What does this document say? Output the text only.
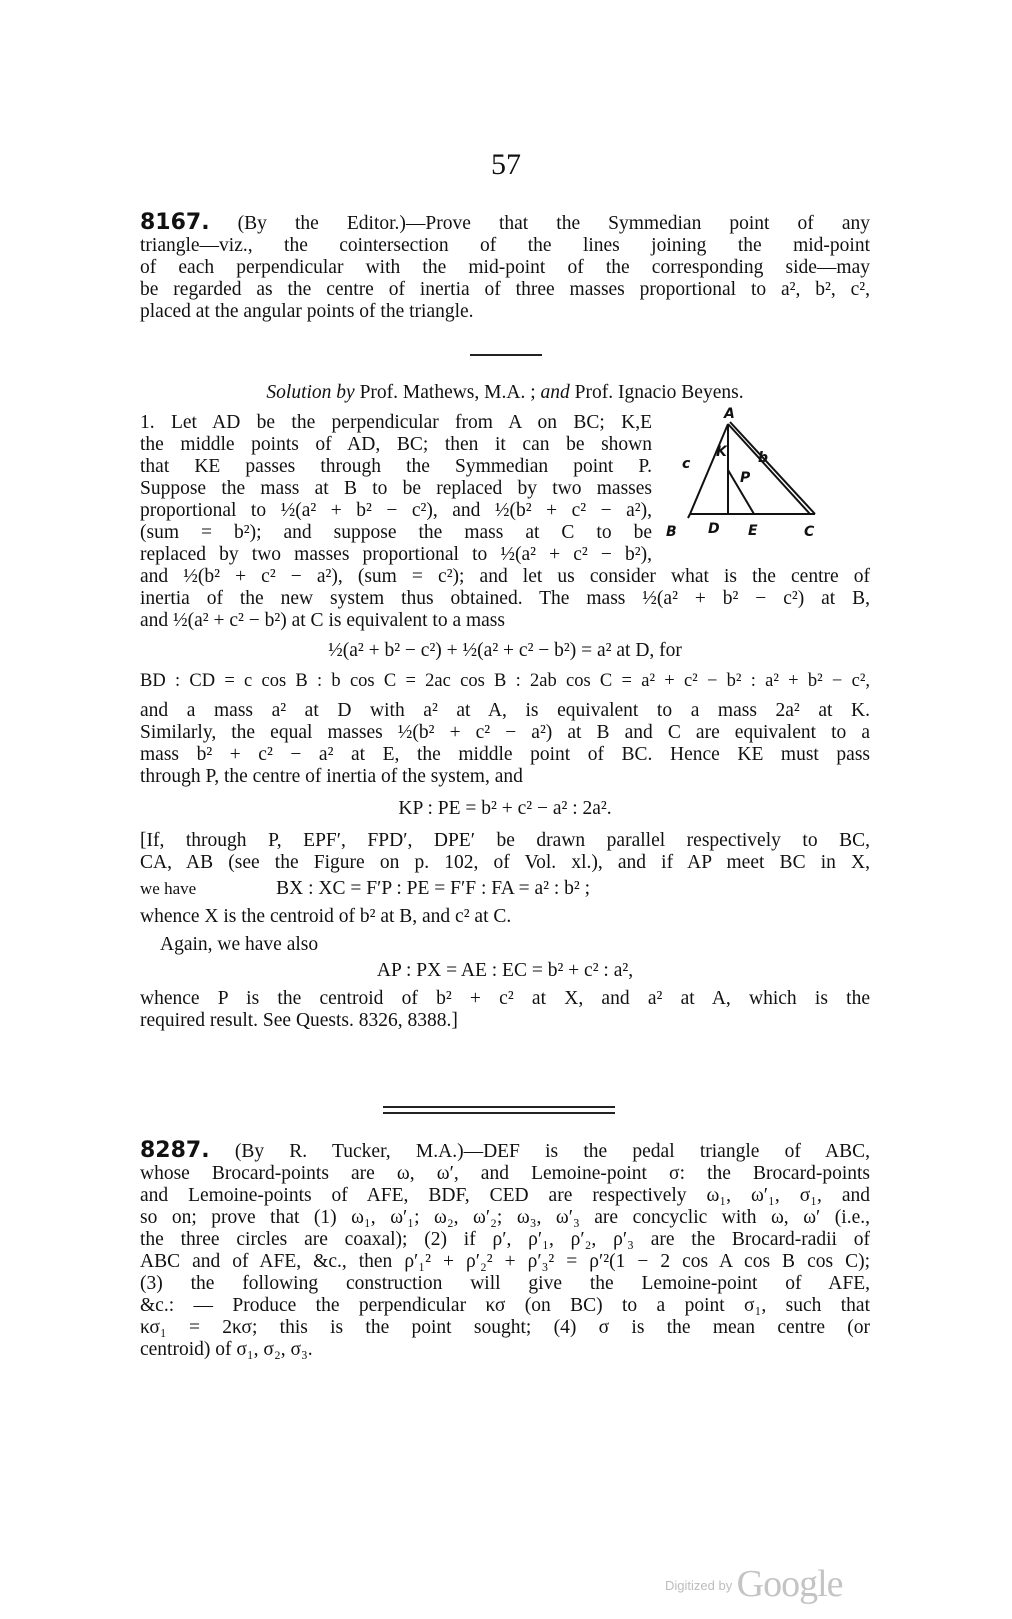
57
8167. (By the Editor.)—Prove that the Symmedian point of any
triangle—viz., the cointersection of the lines joining the mid-point
of each perpendicular with the mid-point of the corresponding side—may
be regarded as the centre of inertia of three masses proportional to a², b², c²,
placed at the angular points of the triangle.
Solution by Prof. Mathews, M.A. ; and Prof. Ignacio Beyens.
1. Let AD be the perpendicular from A on BC; K,E
the middle points of AD, BC; then it can be shown
that KE passes through the Symmedian point P.
Suppose the mass at B to be replaced by two masses
proportional to ½(a² + b² − c²), and ½(b² + c² − a²),
(sum = b²); and suppose the mass at C to be
replaced by two masses proportional to ½(a² + c² − b²),
and ½(b² + c² − a²), (sum = c²); and let us consider what is the centre of
inertia of the new system thus obtained. The mass ½(a² + b² − c²) at B,
and ½(a² + c² − b²) at C is equivalent to a mass
½(a² + b² − c²) + ½(a² + c² − b²) = a² at D, for
BD : CD = c cos B : b cos C = 2ac cos B : 2ab cos C = a² + c² − b² : a² + b² − c²,
and a mass a² at D with a² at A, is equivalent to a mass 2a² at K.
Similarly, the equal masses ½(b² + c² − a²) at B and C are equivalent to a
mass b² + c² − a² at E, the middle point of BC. Hence KE must pass
through P, the centre of inertia of the system, and
KP : PE = b² + c² − a² : 2a².
[If, through P, EPF′, FPD′, DPE′ be drawn parallel respectively to BC,
CA, AB (see the Figure on p. 102, of Vol. xl.), and if AP meet BC in X,
we have	BX : XC = F′P : PE = F′F : FA = a² : b² ;
whence X is the centroid of b² at B, and c² at C.
Again, we have also
AP : PX = AE : EC = b² + c² : a²,
whence P is the centroid of b² + c² at X, and a² at A, which is the
required result. See Quests. 8326, 8388.]
A
B	C
D E
K
P
b
c
8287. (By R. Tucker, M.A.)—DEF is the pedal triangle of ABC,
whose Brocard-points are ω, ω′, and Lemoine-point σ: the Brocard-points
and Lemoine-points of AFE, BDF, CED are respectively ω₁, ω′₁, σ₁, and
so on; prove that (1) ω₁, ω′₁; ω₂, ω′₂; ω₃, ω′₃ are concyclic with ω, ω′ (i.e.,
the three circles are coaxal); (2) if ρ′, ρ′₁, ρ′₂, ρ′₃ are the Brocard-radii of
ABC and of AFE, &c., then ρ′₁² + ρ′₂² + ρ′₃² = ρ′²(1 − 2 cos A cos B cos C);
(3) the following construction will give the Lemoine-point of AFE,
&c.: — Produce the perpendicular κσ (on BC) to a point σ₁, such that
κσ₁ = 2κσ; this is the point sought; (4) σ is the mean centre (or
centroid) of σ₁, σ₂, σ₃.
$^{Digitized by}$ Google
